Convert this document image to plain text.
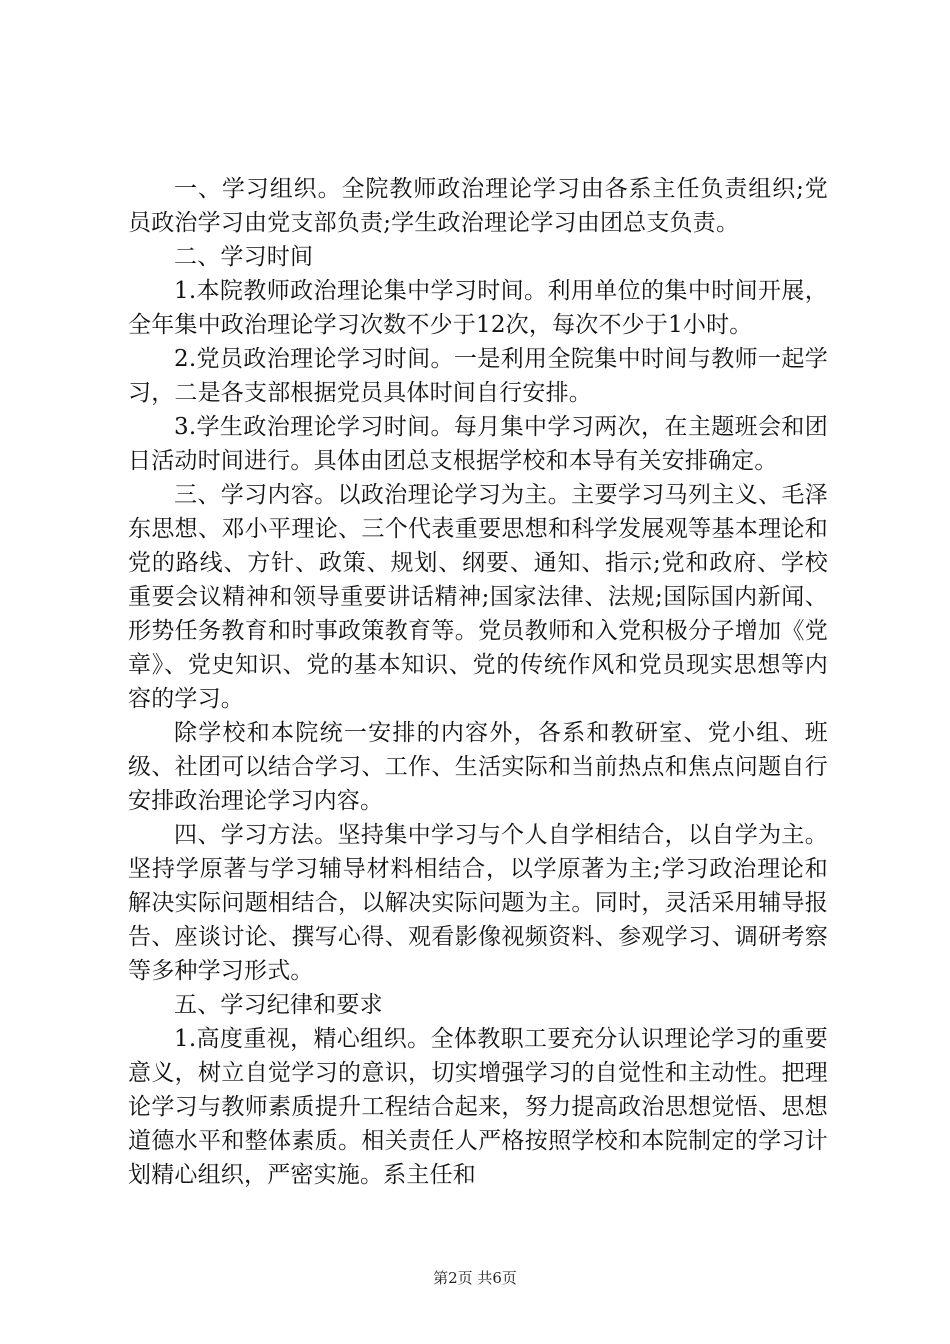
一、学习组织。全院教师政治理论学习由各系主任负责组织;党员政治学习由党支部负责;学生政治理论学习由团总支负责。

二、学习时间

1.本院教师政治理论集中学习时间。利用单位的集中时间开展，全年集中政治理论学习次数不少于12次，每次不少于1小时。

2.党员政治理论学习时间。一是利用全院集中时间与教师一起学习，二是各支部根据党员具体时间自行安排。

3.学生政治理论学习时间。每月集中学习两次，在主题班会和团日活动时间进行。具体由团总支根据学校和本导有关安排确定。

三、学习内容。以政治理论学习为主。主要学习马列主义、毛泽东思想、邓小平理论、三个代表重要思想和科学发展观等基本理论和党的路线、方针、政策、规划、纲要、通知、指示;党和政府、学校重要会议精神和领导重要讲话精神;国家法律、法规;国际国内新闻、形势任务教育和时事政策教育等。党员教师和入党积极分子增加《党章》、党史知识、党的基本知识、党的传统作风和党员现实思想等内容的学习。

除学校和本院统一安排的内容外，各系和教研室、党小组、班级、社团可以结合学习、工作、生活实际和当前热点和焦点问题自行安排政治理论学习内容。

四、学习方法。坚持集中学习与个人自学相结合，以自学为主。坚持学原著与学习辅导材料相结合，以学原著为主;学习政治理论和解决实际问题相结合，以解决实际问题为主。同时，灵活采用辅导报告、座谈讨论、撰写心得、观看影像视频资料、参观学习、调研考察等多种学习形式。

五、学习纪律和要求

1.高度重视，精心组织。全体教职工要充分认识理论学习的重要意义，树立自觉学习的意识，切实增强学习的自觉性和主动性。把理论学习与教师素质提升工程结合起来，努力提高政治思想觉悟、思想道德水平和整体素质。相关责任人严格按照学校和本院制定的学习计划精心组织，严密实施。系主任和

第2页 共6页
